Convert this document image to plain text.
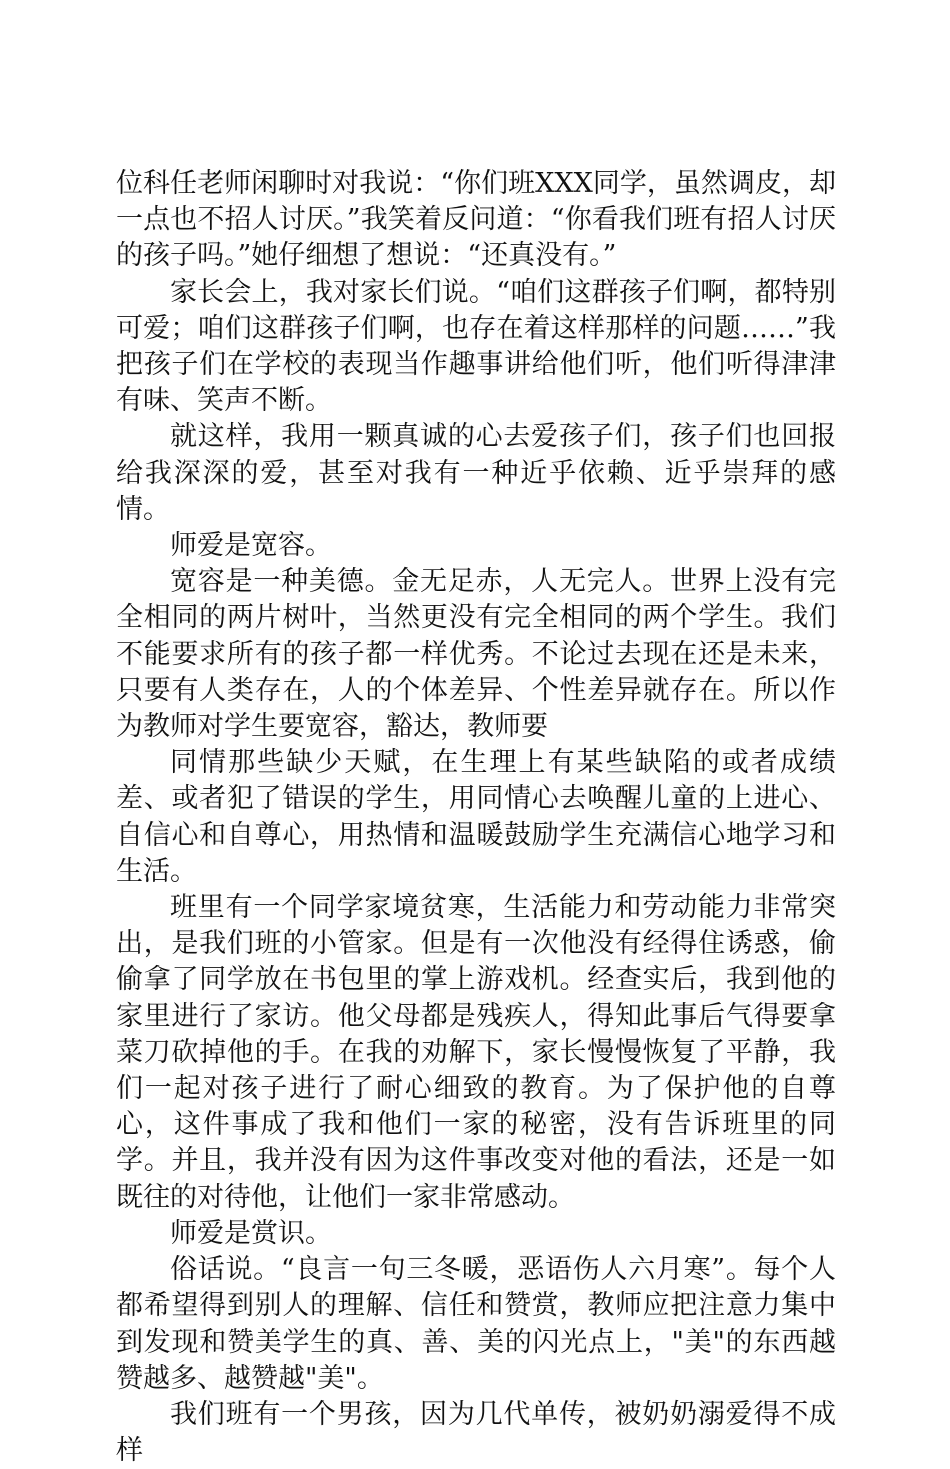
位科任老师闲聊时对我说：“你们班XXX同学，虽然调皮，却一点也不招人讨厌。”我笑着反问道：“你看我们班有招人讨厌的孩子吗。”她仔细想了想说：“还真没有。”

家长会上，我对家长们说。“咱们这群孩子们啊，都特别可爱；咱们这群孩子们啊，也存在着这样那样的问题……”我把孩子们在学校的表现当作趣事讲给他们听，他们听得津津有味、笑声不断。

就这样，我用一颗真诚的心去爱孩子们，孩子们也回报给我深深的爱，甚至对我有一种近乎依赖、近乎崇拜的感情。

师爱是宽容。

宽容是一种美德。金无足赤，人无完人。世界上没有完全相同的两片树叶，当然更没有完全相同的两个学生。我们不能要求所有的孩子都一样优秀。不论过去现在还是未来，只要有人类存在，人的个体差异、个性差异就存在。所以作为教师对学生要宽容，豁达，教师要

同情那些缺少天赋，在生理上有某些缺陷的或者成绩差、或者犯了错误的学生，用同情心去唤醒儿童的上进心、自信心和自尊心，用热情和温暖鼓励学生充满信心地学习和生活。

班里有一个同学家境贫寒，生活能力和劳动能力非常突出，是我们班的小管家。但是有一次他没有经得住诱惑，偷偷拿了同学放在书包里的掌上游戏机。经查实后，我到他的家里进行了家访。他父母都是残疾人，得知此事后气得要拿菜刀砍掉他的手。在我的劝解下，家长慢慢恢复了平静，我们一起对孩子进行了耐心细致的教育。为了保护他的自尊心，这件事成了我和他们一家的秘密，没有告诉班里的同学。并且，我并没有因为这件事改变对他的看法，还是一如既往的对待他，让他们一家非常感动。

师爱是赏识。

俗话说。“良言一句三冬暖，恶语伤人六月寒”。每个人都希望得到别人的理解、信任和赞赏，教师应把注意力集中到发现和赞美学生的真、善、美的闪光点上，"美"的东西越赞越多、越赞越"美"。

我们班有一个男孩，因为几代单传，被奶奶溺爱得不成样
